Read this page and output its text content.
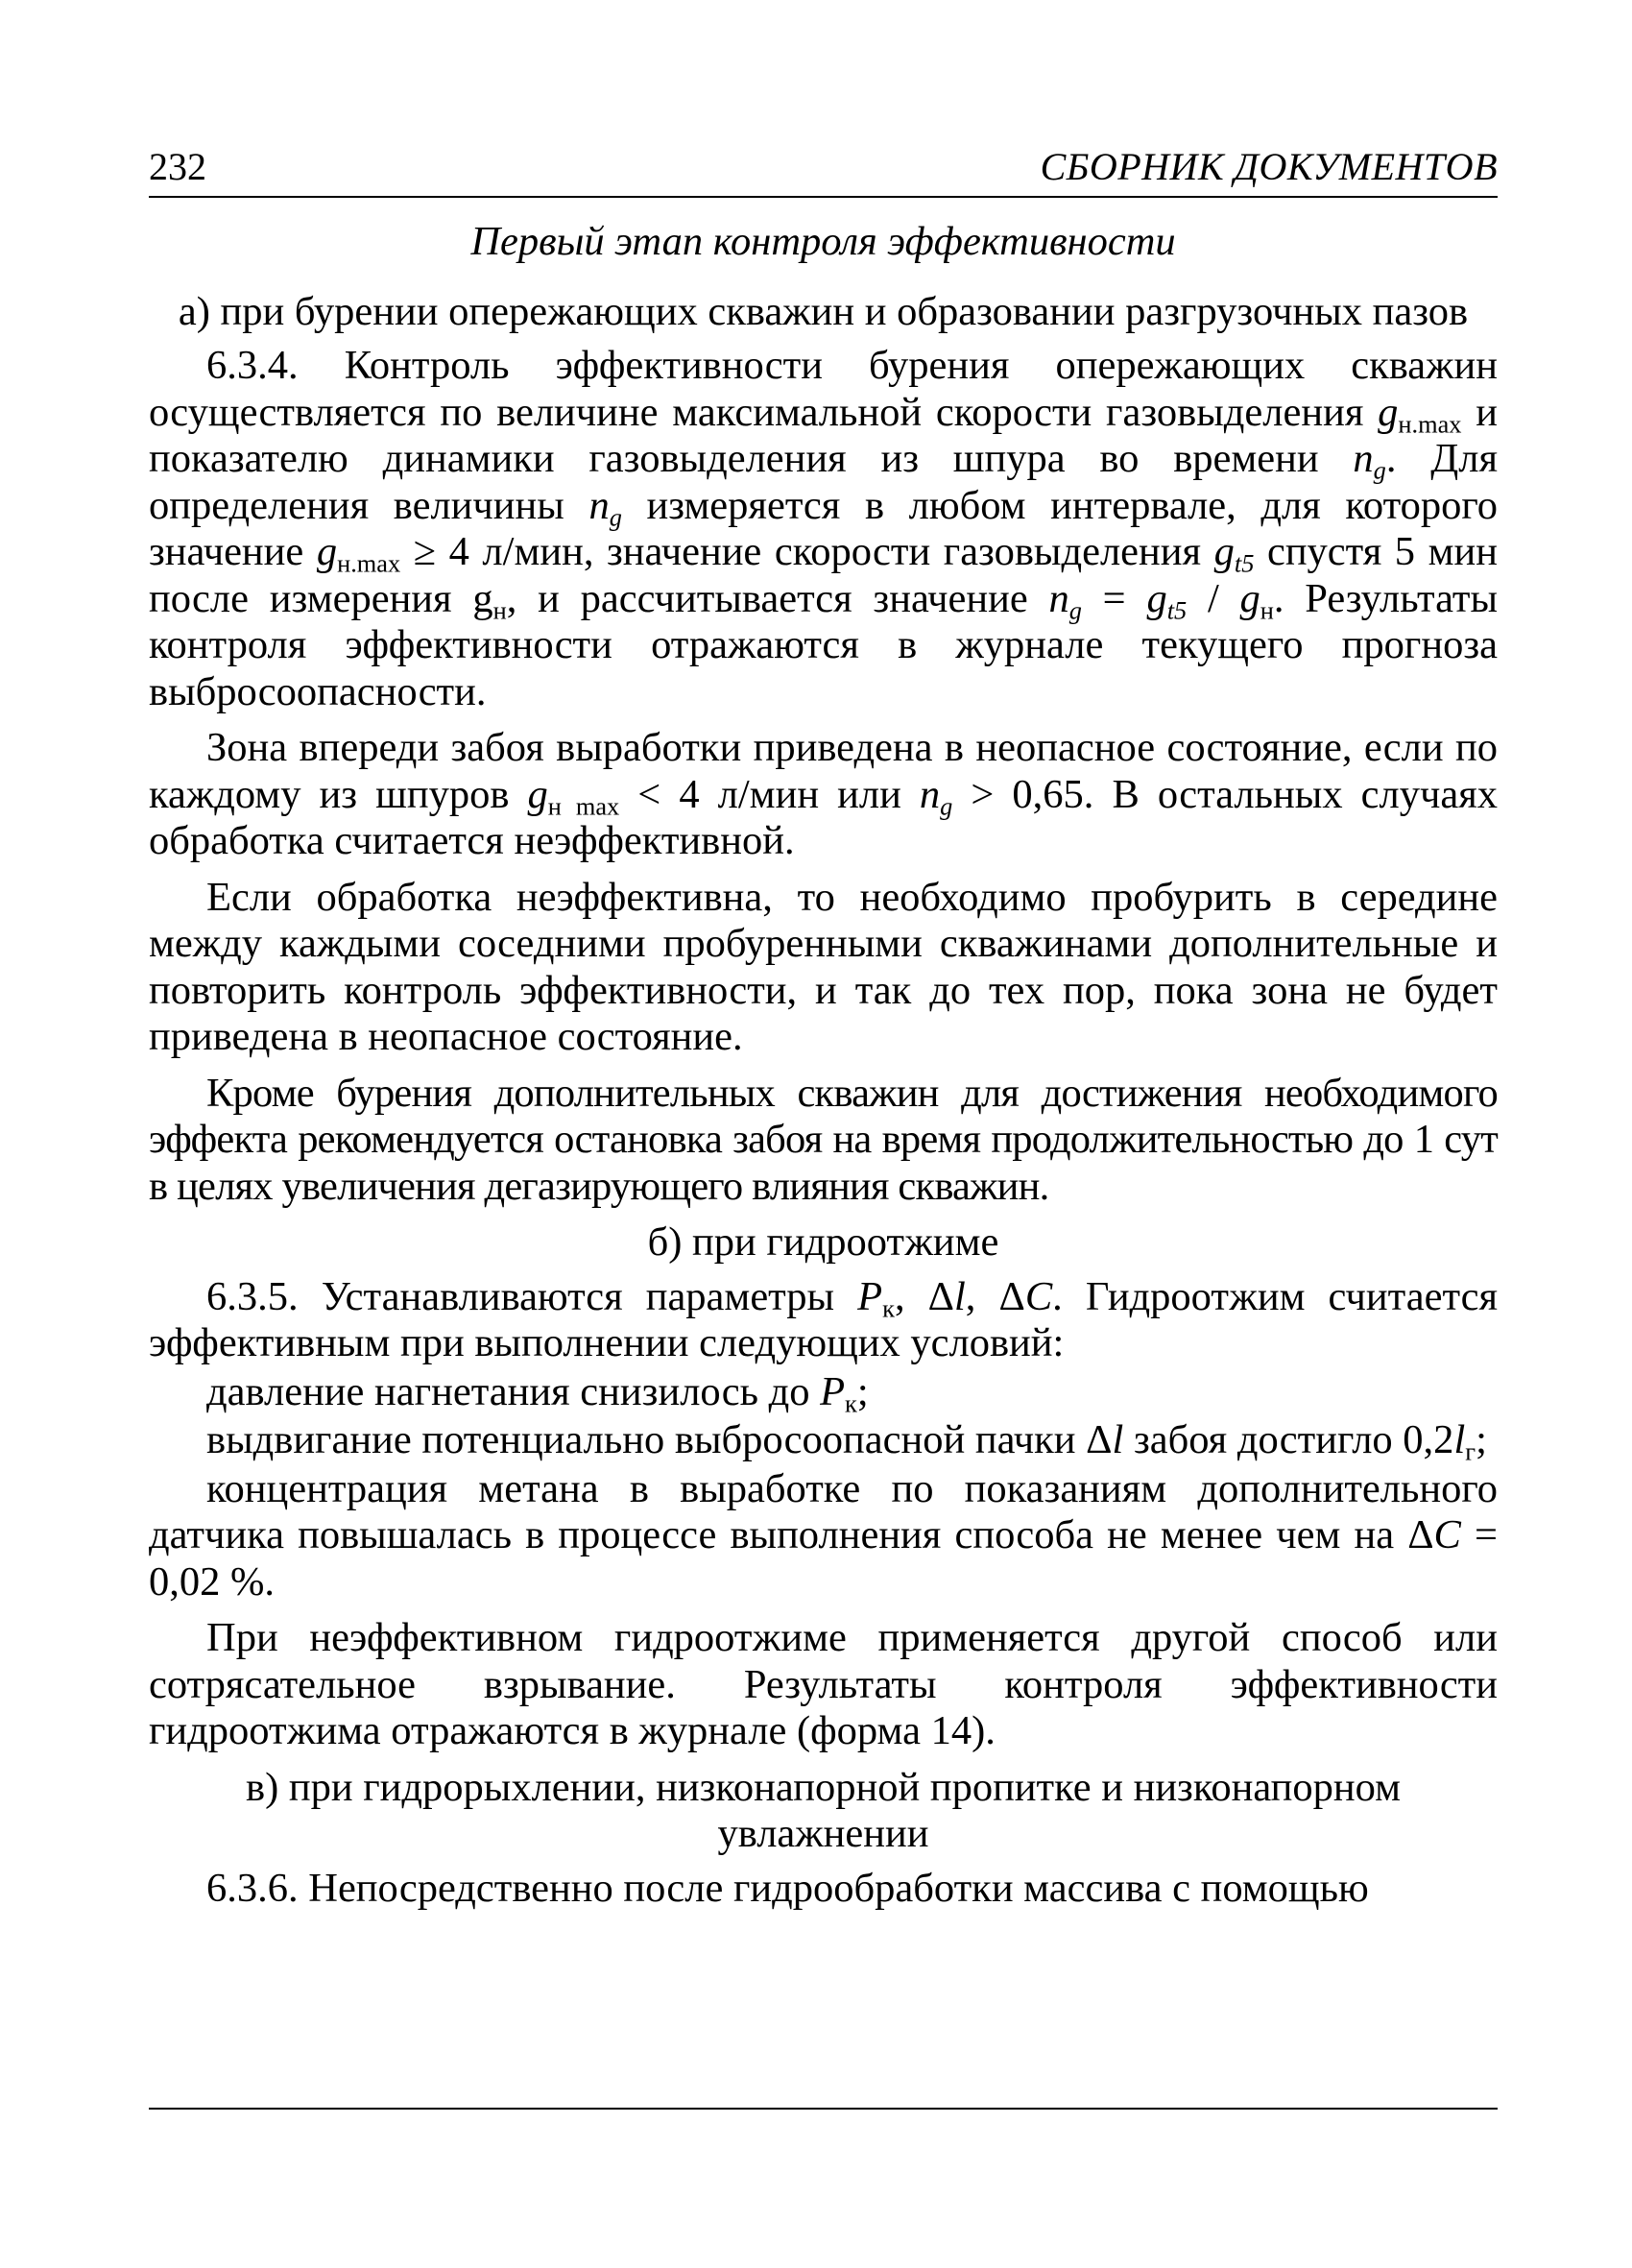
232	СБОРНИК ДОКУМЕНТОВ
Первый этап контроля эффективности
а) при бурении опережающих скважин и образовании разгрузочных пазов

6.3.4. Контроль эффективности бурения опережающих скважин осуществляется по величине максимальной скорости газовыделения $g_{н.max}$ и показателю динамики газовыделения из шпура во времени $n_g$. Для определения величины $n_g$ измеряется в любом интервале, для которого значение $g_{н.max} \ge 4$ л/мин, значение скорости газовыделения $g_{t5}$ спустя 5 мин после измерения $g_н$, и рассчитывается значение $n_g = g_{t5} / g_н$. Результаты контроля эффективности отражаются в журнале текущего прогноза выбросоопасности.

Зона впереди забоя выработки приведена в неопасное состояние, если по каждому из шпуров $g_{н max} < 4$ л/мин или $n_g > 0,65$. В остальных случаях обработка считается неэффективной.

Если обработка неэффективна, то необходимо пробурить в середине между каждыми соседними пробуренными скважинами дополнительные и повторить контроль эффективности, и так до тех пор, пока зона не будет приведена в неопасное состояние.

Кроме бурения дополнительных скважин для достижения необходимого эффекта рекомендуется остановка забоя на время продолжительностью до 1 сут в целях увеличения дегазирующего влияния скважин.

б) при гидроотжиме

6.3.5. Устанавливаются параметры $P_к$, Δl, ΔC. Гидроотжим считается эффективным при выполнении следующих условий:

давление нагнетания снизилось до $P_к$;

выдвигание потенциально выбросоопасной пачки Δl забоя достигло $0,2l_г$;

концентрация метана в выработке по показаниям дополнительного датчика повышалась в процессе выполнения способа не менее чем на ΔC = 0,02 %.

При неэффективном гидроотжиме применяется другой способ или сотрясательное взрывание. Результаты контроля эффективности гидроотжима отражаются в журнале (форма 14).

в) при гидрорыхлении, низконапорной пропитке и низконапорном увлажнении

6.3.6. Непосредственно после гидрообработки массива с помощью
